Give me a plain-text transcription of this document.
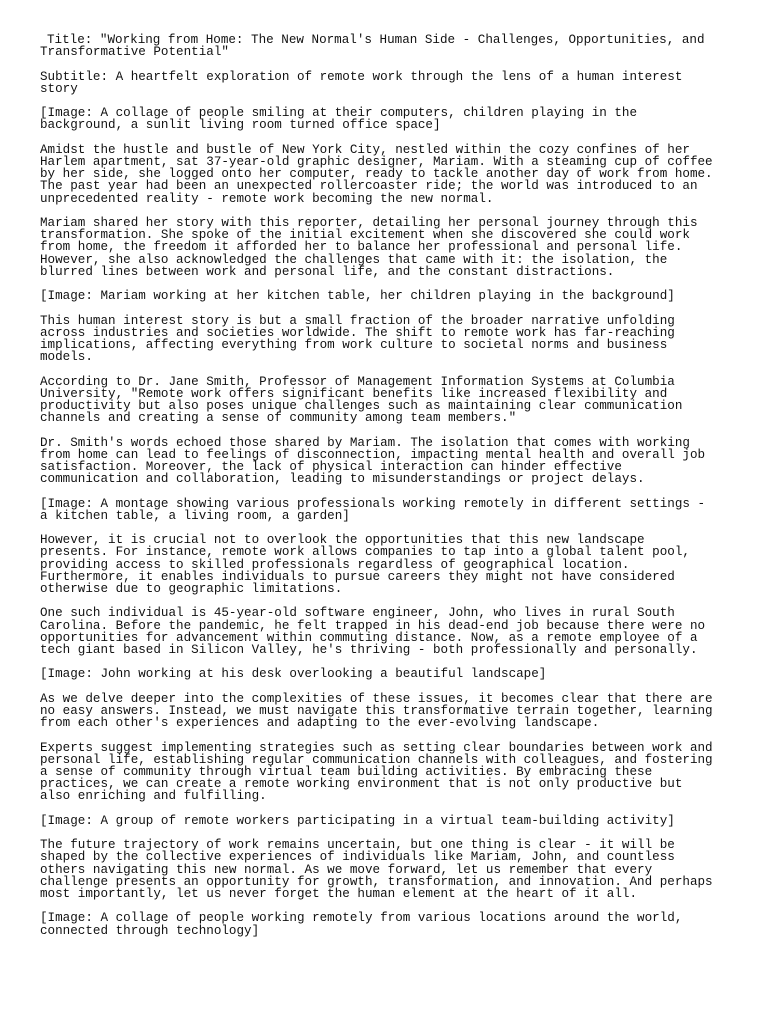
Title: "Working from Home: The New Normal's Human Side - Challenges, Opportunities, and Transformative Potential"

Subtitle: A heartfelt exploration of remote work through the lens of a human interest story

[Image: A collage of people smiling at their computers, children playing in the background, a sunlit living room turned office space]

Amidst the hustle and bustle of New York City, nestled within the cozy confines of her Harlem apartment, sat 37-year-old graphic designer, Mariam. With a steaming cup of coffee by her side, she logged onto her computer, ready to tackle another day of work from home. The past year had been an unexpected rollercoaster ride; the world was introduced to an unprecedented reality - remote work becoming the new normal.

Mariam shared her story with this reporter, detailing her personal journey through this transformation. She spoke of the initial excitement when she discovered she could work from home, the freedom it afforded her to balance her professional and personal life. However, she also acknowledged the challenges that came with it: the isolation, the blurred lines between work and personal life, and the constant distractions.

[Image: Mariam working at her kitchen table, her children playing in the background]

This human interest story is but a small fraction of the broader narrative unfolding across industries and societies worldwide. The shift to remote work has far-reaching implications, affecting everything from work culture to societal norms and business models.

According to Dr. Jane Smith, Professor of Management Information Systems at Columbia University, "Remote work offers significant benefits like increased flexibility and productivity but also poses unique challenges such as maintaining clear communication channels and creating a sense of community among team members."

Dr. Smith's words echoed those shared by Mariam. The isolation that comes with working from home can lead to feelings of disconnection, impacting mental health and overall job satisfaction. Moreover, the lack of physical interaction can hinder effective communication and collaboration, leading to misunderstandings or project delays.

[Image: A montage showing various professionals working remotely in different settings - a kitchen table, a living room, a garden]

However, it is crucial not to overlook the opportunities that this new landscape presents. For instance, remote work allows companies to tap into a global talent pool, providing access to skilled professionals regardless of geographical location. Furthermore, it enables individuals to pursue careers they might not have considered otherwise due to geographic limitations.

One such individual is 45-year-old software engineer, John, who lives in rural South Carolina. Before the pandemic, he felt trapped in his dead-end job because there were no opportunities for advancement within commuting distance. Now, as a remote employee of a tech giant based in Silicon Valley, he's thriving - both professionally and personally.

[Image: John working at his desk overlooking a beautiful landscape]

As we delve deeper into the complexities of these issues, it becomes clear that there are no easy answers. Instead, we must navigate this transformative terrain together, learning from each other's experiences and adapting to the ever-evolving landscape.

Experts suggest implementing strategies such as setting clear boundaries between work and personal life, establishing regular communication channels with colleagues, and fostering a sense of community through virtual team building activities. By embracing these practices, we can create a remote working environment that is not only productive but also enriching and fulfilling.

[Image: A group of remote workers participating in a virtual team-building activity]

The future trajectory of work remains uncertain, but one thing is clear - it will be shaped by the collective experiences of individuals like Mariam, John, and countless others navigating this new normal. As we move forward, let us remember that every challenge presents an opportunity for growth, transformation, and innovation. And perhaps most importantly, let us never forget the human element at the heart of it all.

[Image: A collage of people working remotely from various locations around the world, connected through technology]
